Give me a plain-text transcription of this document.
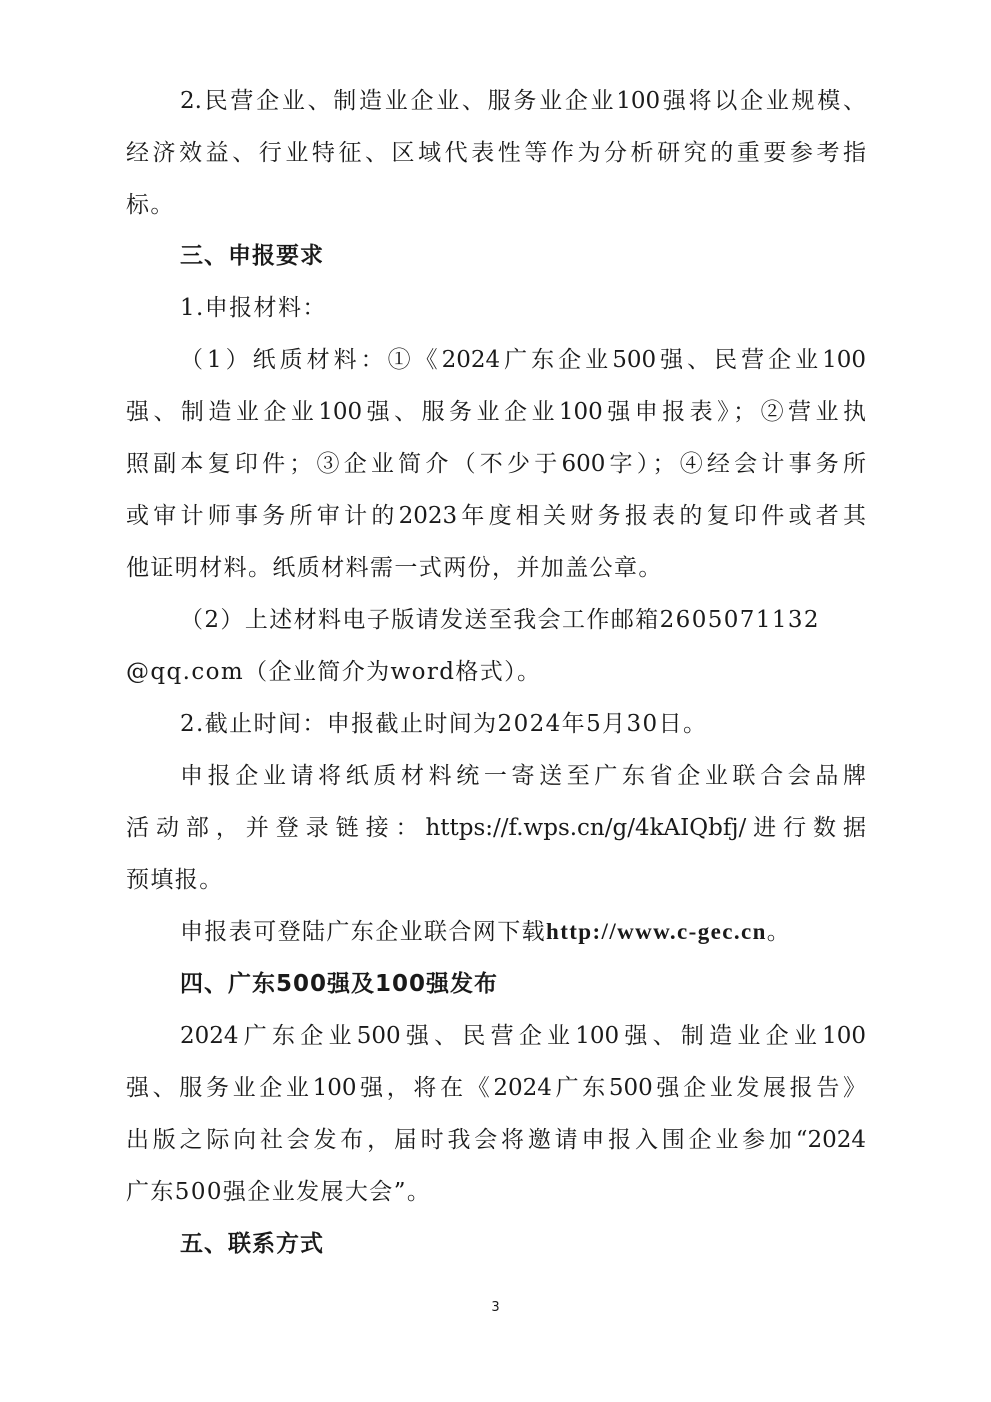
2.民营企业、制造业企业、服务业企业100强将以企业规模、
经济效益、行业特征、区域代表性等作为分析研究的重要参考指
标。
三、申报要求
1.申报材料：
（1）纸质材料：①《2024广东企业500强、民营企业100
强、制造业企业100强、服务业企业100强申报表》；②营业执
照副本复印件；③企业简介（不少于600字）；④经会计事务所
或审计师事务所审计的2023年度相关财务报表的复印件或者其
他证明材料。纸质材料需一式两份，并加盖公章。
（2）上述材料电子版请发送至我会工作邮箱2605071132
@qq.com（企业简介为word格式）。
2.截止时间：申报截止时间为2024年5月30日。
申报企业请将纸质材料统一寄送至广东省企业联合会品牌
活动部，并登录链接：https://f.wps.cn/g/4kAIQbfj/进行数据
预填报。
申报表可登陆广东企业联合网下载http://www.c-gec.cn。
四、广东500强及100强发布
2024广东企业500强、民营企业100强、制造业企业100
强、服务业企业100强，将在《2024广东500强企业发展报告》
出版之际向社会发布，届时我会将邀请申报入围企业参加“2024
广东500强企业发展大会”。
五、联系方式
3
